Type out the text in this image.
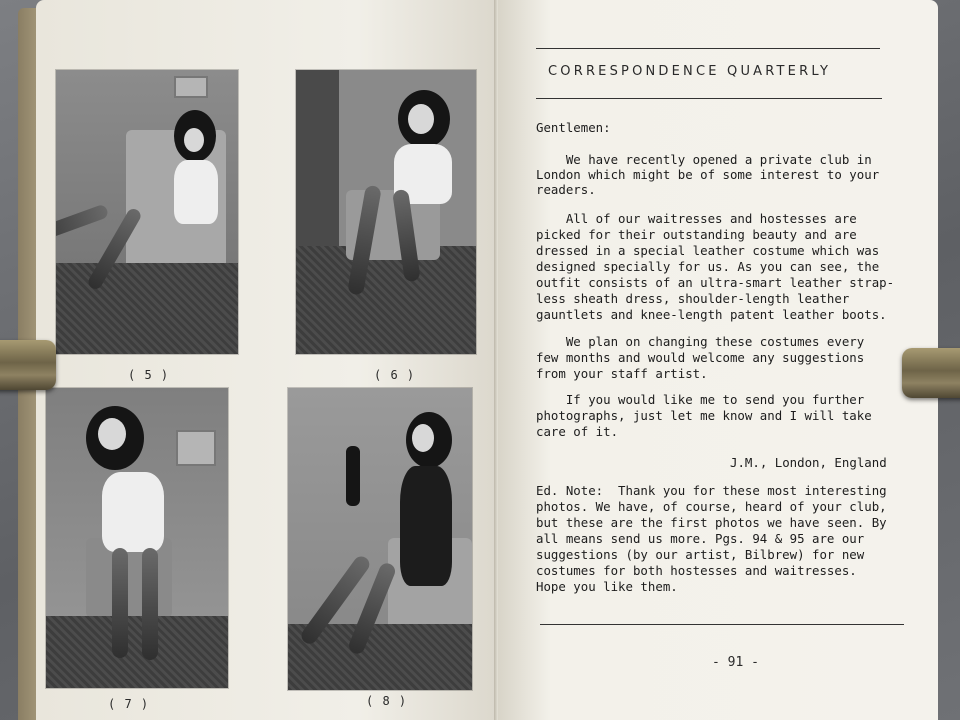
( 5 )	( 6 )
( 7 )	( 8 )
CORRESPONDENCE QUARTERLY
Gentlemen:
We have recently opened a private club in
London which might be of some interest to your
readers.
All of our waitresses and hostesses are
picked for their outstanding beauty and are
dressed in a special leather costume which was
designed specially for us. As you can see, the
outfit consists of an ultra-smart leather strap-
less sheath dress, shoulder-length leather
gauntlets and knee-length patent leather boots.
We plan on changing these costumes every
few months and would welcome any suggestions
from your staff artist.
If you would like me to send you further
photographs, just let me know and I will take
care of it.
J.M., London, England
Ed. Note:  Thank you for these most interesting
photos. We have, of course, heard of your club,
but these are the first photos we have seen. By
all means send us more. Pgs. 94 & 95 are our
suggestions (by our artist, Bilbrew) for new
costumes for both hostesses and waitresses.
Hope you like them.
- 91 -
